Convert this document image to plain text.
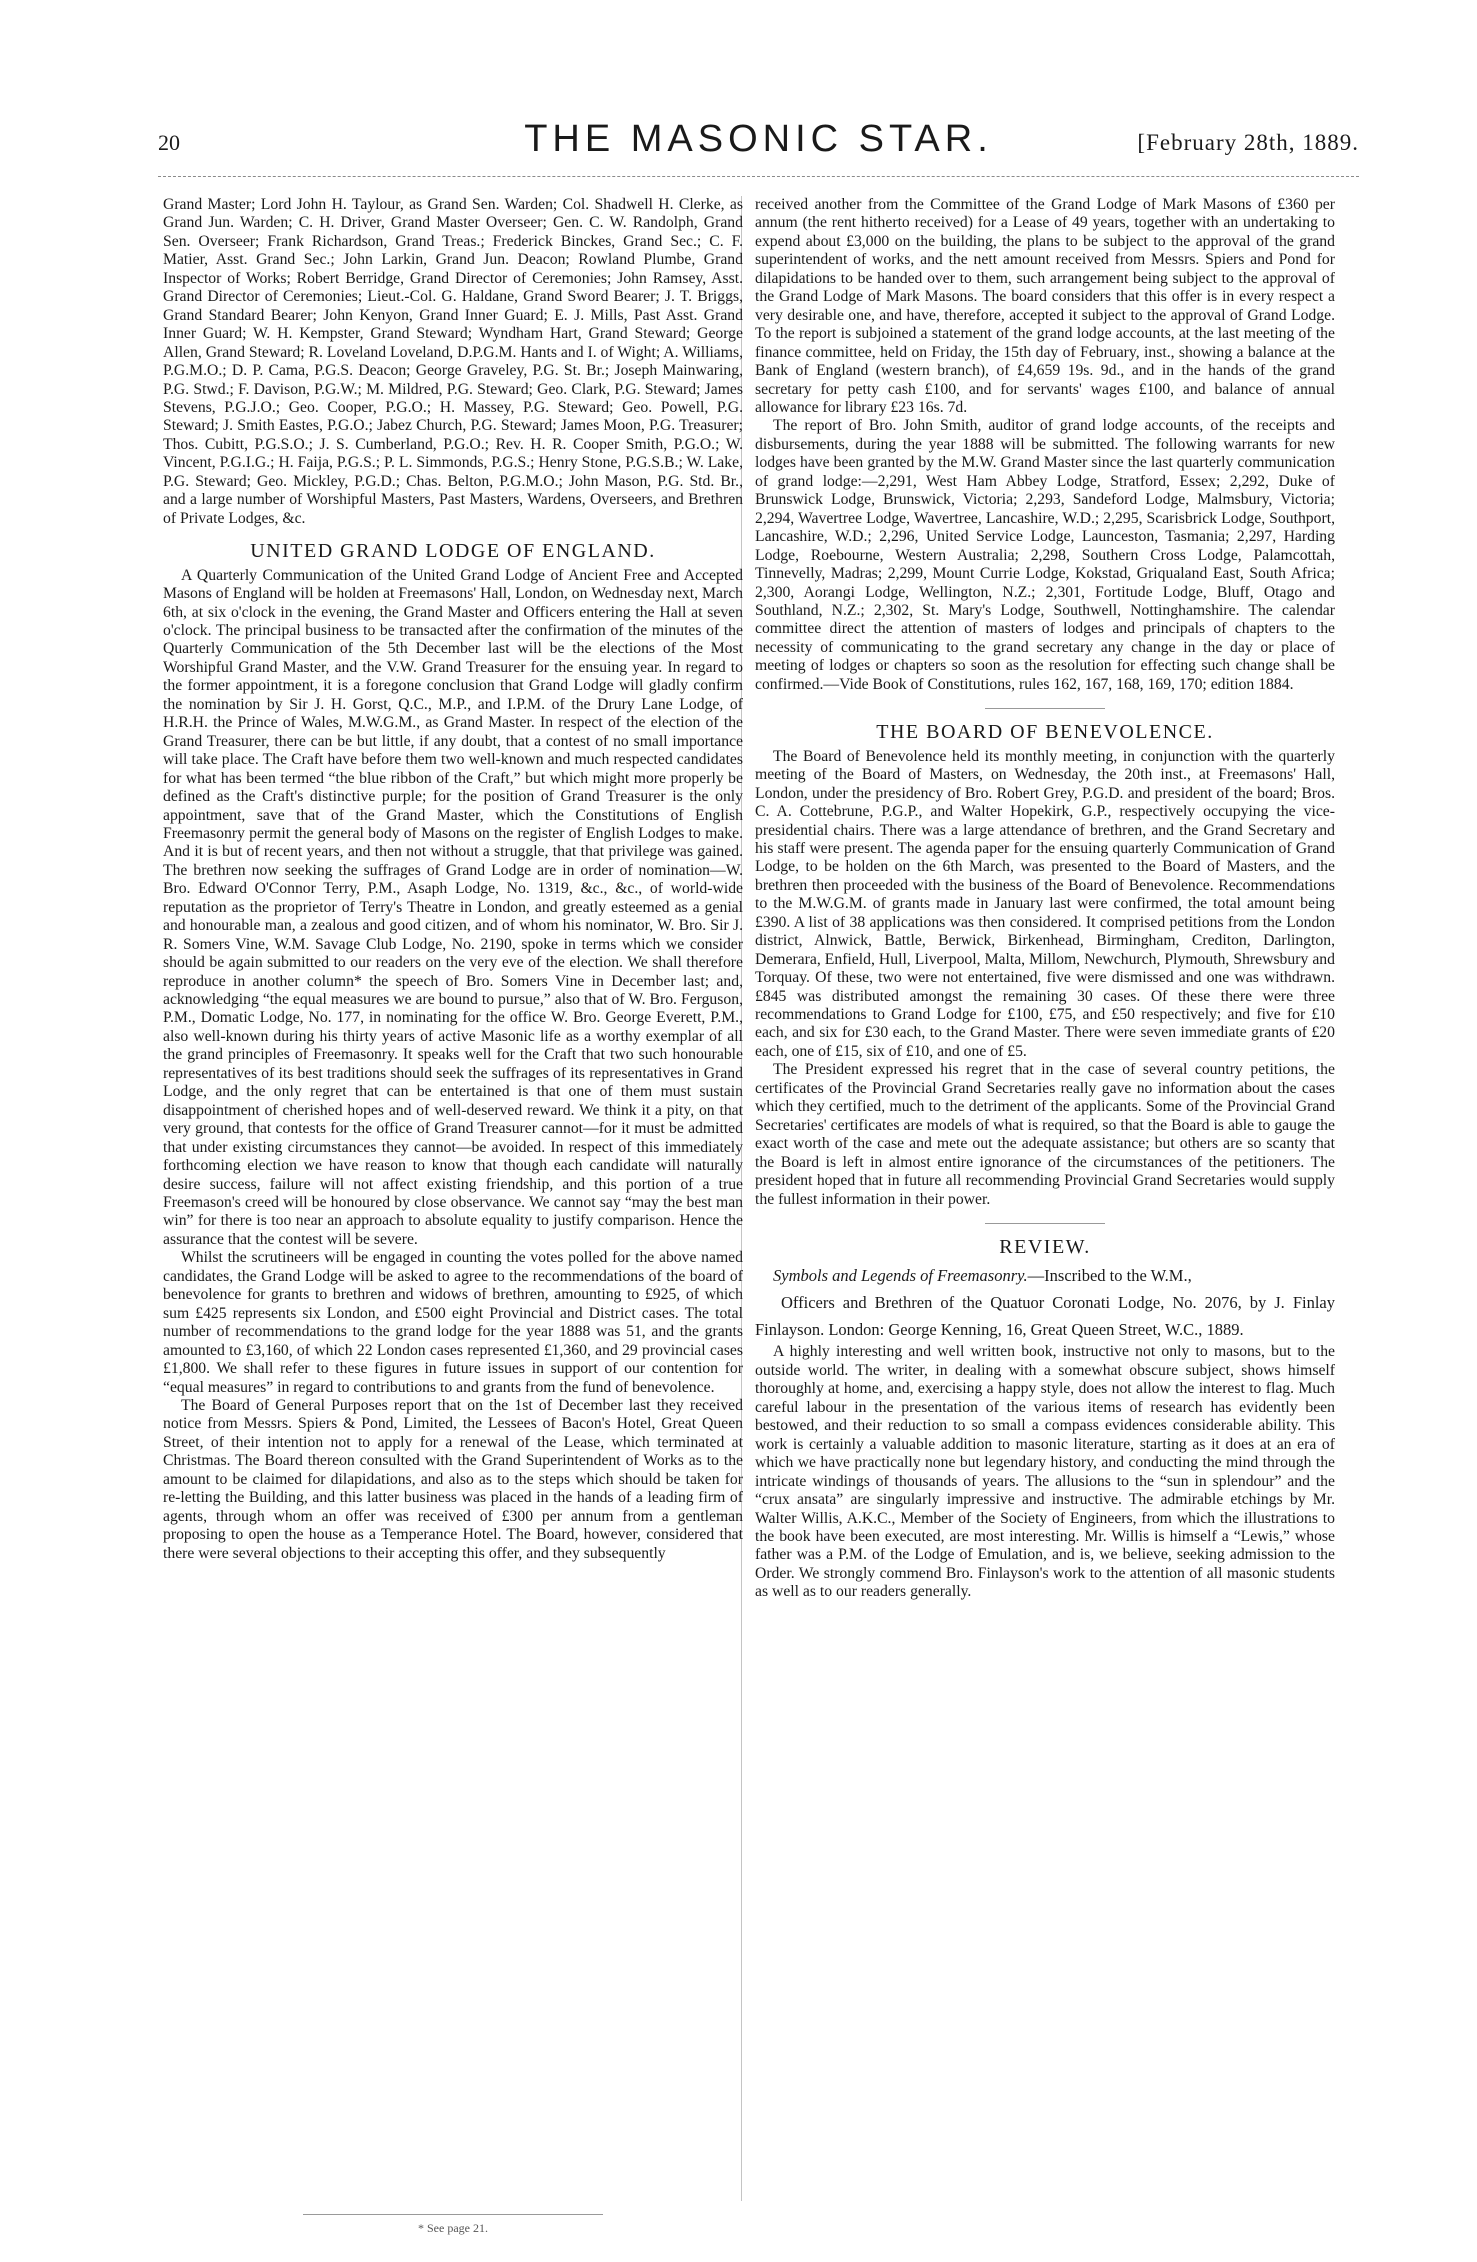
20	THE MASONIC STAR.	[February 28th, 1889.

Grand Master; Lord John H. Taylour, as Grand Sen. Warden; Col. Shadwell H. Clerke, as Grand Jun. Warden; C. H. Driver, Grand Master Overseer; Gen. C. W. Randolph, Grand Sen. Overseer; Frank Richardson, Grand Treas.; Frederick Binckes, Grand Sec.; C. F. Matier, Asst. Grand Sec.; John Larkin, Grand Jun. Deacon; Rowland Plumbe, Grand Inspector of Works; Robert Berridge, Grand Director of Ceremonies; John Ramsey, Asst. Grand Director of Ceremonies; Lieut.-Col. G. Haldane, Grand Sword Bearer; J. T. Briggs, Grand Standard Bearer; John Kenyon, Grand Inner Guard; E. J. Mills, Past Asst. Grand Inner Guard; W. H. Kempster, Grand Steward; Wyndham Hart, Grand Steward; George Allen, Grand Steward; R. Loveland Loveland, D.P.G.M. Hants and I. of Wight; A. Williams, P.G.M.O.; D. P. Cama, P.G.S. Deacon; George Graveley, P.G. St. Br.; Joseph Mainwaring, P.G. Stwd.; F. Davison, P.G.W.; M. Mildred, P.G. Steward; Geo. Clark, P.G. Steward; James Stevens, P.G.J.O.; Geo. Cooper, P.G.O.; H. Massey, P.G. Steward; Geo. Powell, P.G. Steward; J. Smith Eastes, P.G.O.; Jabez Church, P.G. Steward; James Moon, P.G. Treasurer; Thos. Cubitt, P.G.S.O.; J. S. Cumberland, P.G.O.; Rev. H. R. Cooper Smith, P.G.O.; W. Vincent, P.G.I.G.; H. Faija, P.G.S.; P. L. Simmonds, P.G.S.; Henry Stone, P.G.S.B.; W. Lake, P.G. Steward; Geo. Mickley, P.G.D.; Chas. Belton, P.G.M.O.; John Mason, P.G. Std. Br., and a large number of Worshipful Masters, Past Masters, Wardens, Overseers, and Brethren of Private Lodges, &c.

UNITED GRAND LODGE OF ENGLAND.

A Quarterly Communication of the United Grand Lodge of Ancient Free and Accepted Masons of England will be holden at Freemasons' Hall, London, on Wednesday next, March 6th, at six o'clock in the evening, the Grand Master and Officers entering the Hall at seven o'clock. The principal business to be transacted after the confirmation of the minutes of the Quarterly Communication of the 5th December last will be the elections of the Most Worshipful Grand Master, and the V.W. Grand Treasurer for the ensuing year. In regard to the former appointment, it is a foregone conclusion that Grand Lodge will gladly confirm the nomination by Sir J. H. Gorst, Q.C., M.P., and I.P.M. of the Drury Lane Lodge, of H.R.H. the Prince of Wales, M.W.G.M., as Grand Master. In respect of the election of the Grand Treasurer, there can be but little, if any doubt, that a contest of no small importance will take place. The Craft have before them two well-known and much respected candidates for what has been termed “the blue ribbon of the Craft,” but which might more properly be defined as the Craft's distinctive purple; for the position of Grand Treasurer is the only appointment, save that of the Grand Master, which the Constitutions of English Freemasonry permit the general body of Masons on the register of English Lodges to make. And it is but of recent years, and then not without a struggle, that that privilege was gained. The brethren now seeking the suffrages of Grand Lodge are in order of nomination—W. Bro. Edward O'Connor Terry, P.M., Asaph Lodge, No. 1319, &c., &c., of world-wide reputation as the proprietor of Terry's Theatre in London, and greatly esteemed as a genial and honourable man, a zealous and good citizen, and of whom his nominator, W. Bro. Sir J. R. Somers Vine, W.M. Savage Club Lodge, No. 2190, spoke in terms which we consider should be again submitted to our readers on the very eve of the election. We shall therefore reproduce in another column* the speech of Bro. Somers Vine in December last; and, acknowledging “the equal measures we are bound to pursue,” also that of W. Bro. Ferguson, P.M., Domatic Lodge, No. 177, in nominating for the office W. Bro. George Everett, P.M., also well-known during his thirty years of active Masonic life as a worthy exemplar of all the grand principles of Freemasonry. It speaks well for the Craft that two such honourable representatives of its best traditions should seek the suffrages of its representatives in Grand Lodge, and the only regret that can be entertained is that one of them must sustain disappointment of cherished hopes and of well-deserved reward. We think it a pity, on that very ground, that contests for the office of Grand Treasurer cannot—for it must be admitted that under existing circumstances they cannot—be avoided. In respect of this immediately forthcoming election we have reason to know that though each candidate will naturally desire success, failure will not affect existing friendship, and this portion of a true Freemason's creed will be honoured by close observance. We cannot say “may the best man win” for there is too near an approach to absolute equality to justify comparison. Hence the assurance that the contest will be severe.

Whilst the scrutineers will be engaged in counting the votes polled for the above named candidates, the Grand Lodge will be asked to agree to the recommendations of the board of benevolence for grants to brethren and widows of brethren, amounting to £925, of which sum £425 represents six London, and £500 eight Provincial and District cases. The total number of recommendations to the grand lodge for the year 1888 was 51, and the grants amounted to £3,160, of which 22 London cases represented £1,360, and 29 provincial cases £1,800. We shall refer to these figures in future issues in support of our contention for “equal measures” in regard to contributions to and grants from the fund of benevolence.

The Board of General Purposes report that on the 1st of December last they received notice from Messrs. Spiers & Pond, Limited, the Lessees of Bacon's Hotel, Great Queen Street, of their intention not to apply for a renewal of the Lease, which terminated at Christmas. The Board thereon consulted with the Grand Superintendent of Works as to the amount to be claimed for dilapidations, and also as to the steps which should be taken for re-letting the Building, and this latter business was placed in the hands of a leading firm of agents, through whom an offer was received of £300 per annum from a gentleman proposing to open the house as a Temperance Hotel. The Board, however, considered that there were several objections to their accepting this offer, and they subsequently

received another from the Committee of the Grand Lodge of Mark Masons of £360 per annum (the rent hitherto received) for a Lease of 49 years, together with an undertaking to expend about £3,000 on the building, the plans to be subject to the approval of the grand superintendent of works, and the nett amount received from Messrs. Spiers and Pond for dilapidations to be handed over to them, such arrangement being subject to the approval of the Grand Lodge of Mark Masons. The board considers that this offer is in every respect a very desirable one, and have, therefore, accepted it subject to the approval of Grand Lodge. To the report is subjoined a statement of the grand lodge accounts, at the last meeting of the finance committee, held on Friday, the 15th day of February, inst., showing a balance at the Bank of England (western branch), of £4,659 19s. 9d., and in the hands of the grand secretary for petty cash £100, and for servants' wages £100, and balance of annual allowance for library £23 16s. 7d.

The report of Bro. John Smith, auditor of grand lodge accounts, of the receipts and disbursements, during the year 1888 will be submitted. The following warrants for new lodges have been granted by the M.W. Grand Master since the last quarterly communication of grand lodge:—2,291, West Ham Abbey Lodge, Stratford, Essex; 2,292, Duke of Brunswick Lodge, Brunswick, Victoria; 2,293, Sandeford Lodge, Malmsbury, Victoria; 2,294, Wavertree Lodge, Wavertree, Lancashire, W.D.; 2,295, Scarisbrick Lodge, Southport, Lancashire, W.D.; 2,296, United Service Lodge, Launceston, Tasmania; 2,297, Harding Lodge, Roebourne, Western Australia; 2,298, Southern Cross Lodge, Palamcottah, Tinnevelly, Madras; 2,299, Mount Currie Lodge, Kokstad, Griqualand East, South Africa; 2,300, Aorangi Lodge, Wellington, N.Z.; 2,301, Fortitude Lodge, Bluff, Otago and Southland, N.Z.; 2,302, St. Mary's Lodge, Southwell, Nottinghamshire. The calendar committee direct the attention of masters of lodges and principals of chapters to the necessity of communicating to the grand secretary any change in the day or place of meeting of lodges or chapters so soon as the resolution for effecting such change shall be confirmed.—Vide Book of Constitutions, rules 162, 167, 168, 169, 170; edition 1884.

THE BOARD OF BENEVOLENCE.

The Board of Benevolence held its monthly meeting, in conjunction with the quarterly meeting of the Board of Masters, on Wednesday, the 20th inst., at Freemasons' Hall, London, under the presidency of Bro. Robert Grey, P.G.D. and president of the board; Bros. C. A. Cottebrune, P.G.P., and Walter Hopekirk, G.P., respectively occupying the vice-presidential chairs. There was a large attendance of brethren, and the Grand Secretary and his staff were present. The agenda paper for the ensuing quarterly Communication of Grand Lodge, to be holden on the 6th March, was presented to the Board of Masters, and the brethren then proceeded with the business of the Board of Benevolence. Recommendations to the M.W.G.M. of grants made in January last were confirmed, the total amount being £390. A list of 38 applications was then considered. It comprised petitions from the London district, Alnwick, Battle, Berwick, Birkenhead, Birmingham, Crediton, Darlington, Demerara, Enfield, Hull, Liverpool, Malta, Millom, Newchurch, Plymouth, Shrewsbury and Torquay. Of these, two were not entertained, five were dismissed and one was withdrawn. £845 was distributed amongst the remaining 30 cases. Of these there were three recommendations to Grand Lodge for £100, £75, and £50 respectively; and five for £10 each, and six for £30 each, to the Grand Master. There were seven immediate grants of £20 each, one of £15, six of £10, and one of £5.

The President expressed his regret that in the case of several country petitions, the certificates of the Provincial Grand Secretaries really gave no information about the cases which they certified, much to the detriment of the applicants. Some of the Provincial Grand Secretaries' certificates are models of what is required, so that the Board is able to gauge the exact worth of the case and mete out the adequate assistance; but others are so scanty that the Board is left in almost entire ignorance of the circumstances of the petitioners. The president hoped that in future all recommending Provincial Grand Secretaries would supply the fullest information in their power.

REVIEW.

Symbols and Legends of Freemasonry.—Inscribed to the W.M.,
Officers and Brethren of the Quatuor Coronati Lodge, No. 2076, by J. Finlay Finlayson. London: George Kenning, 16, Great Queen Street, W.C., 1889.

A highly interesting and well written book, instructive not only to masons, but to the outside world. The writer, in dealing with a somewhat obscure subject, shows himself thoroughly at home, and, exercising a happy style, does not allow the interest to flag. Much careful labour in the presentation of the various items of research has evidently been bestowed, and their reduction to so small a compass evidences considerable ability. This work is certainly a valuable addition to masonic literature, starting as it does at an era of which we have practically none but legendary history, and conducting the mind through the intricate windings of thousands of years. The allusions to the “sun in splendour” and the “crux ansata” are singularly impressive and instructive. The admirable etchings by Mr. Walter Willis, A.K.C., Member of the Society of Engineers, from which the illustrations to the book have been executed, are most interesting. Mr. Willis is himself a “Lewis,” whose father was a P.M. of the Lodge of Emulation, and is, we believe, seeking admission to the Order. We strongly commend Bro. Finlayson's work to the attention of all masonic students as well as to our readers generally.

* See page 21.
